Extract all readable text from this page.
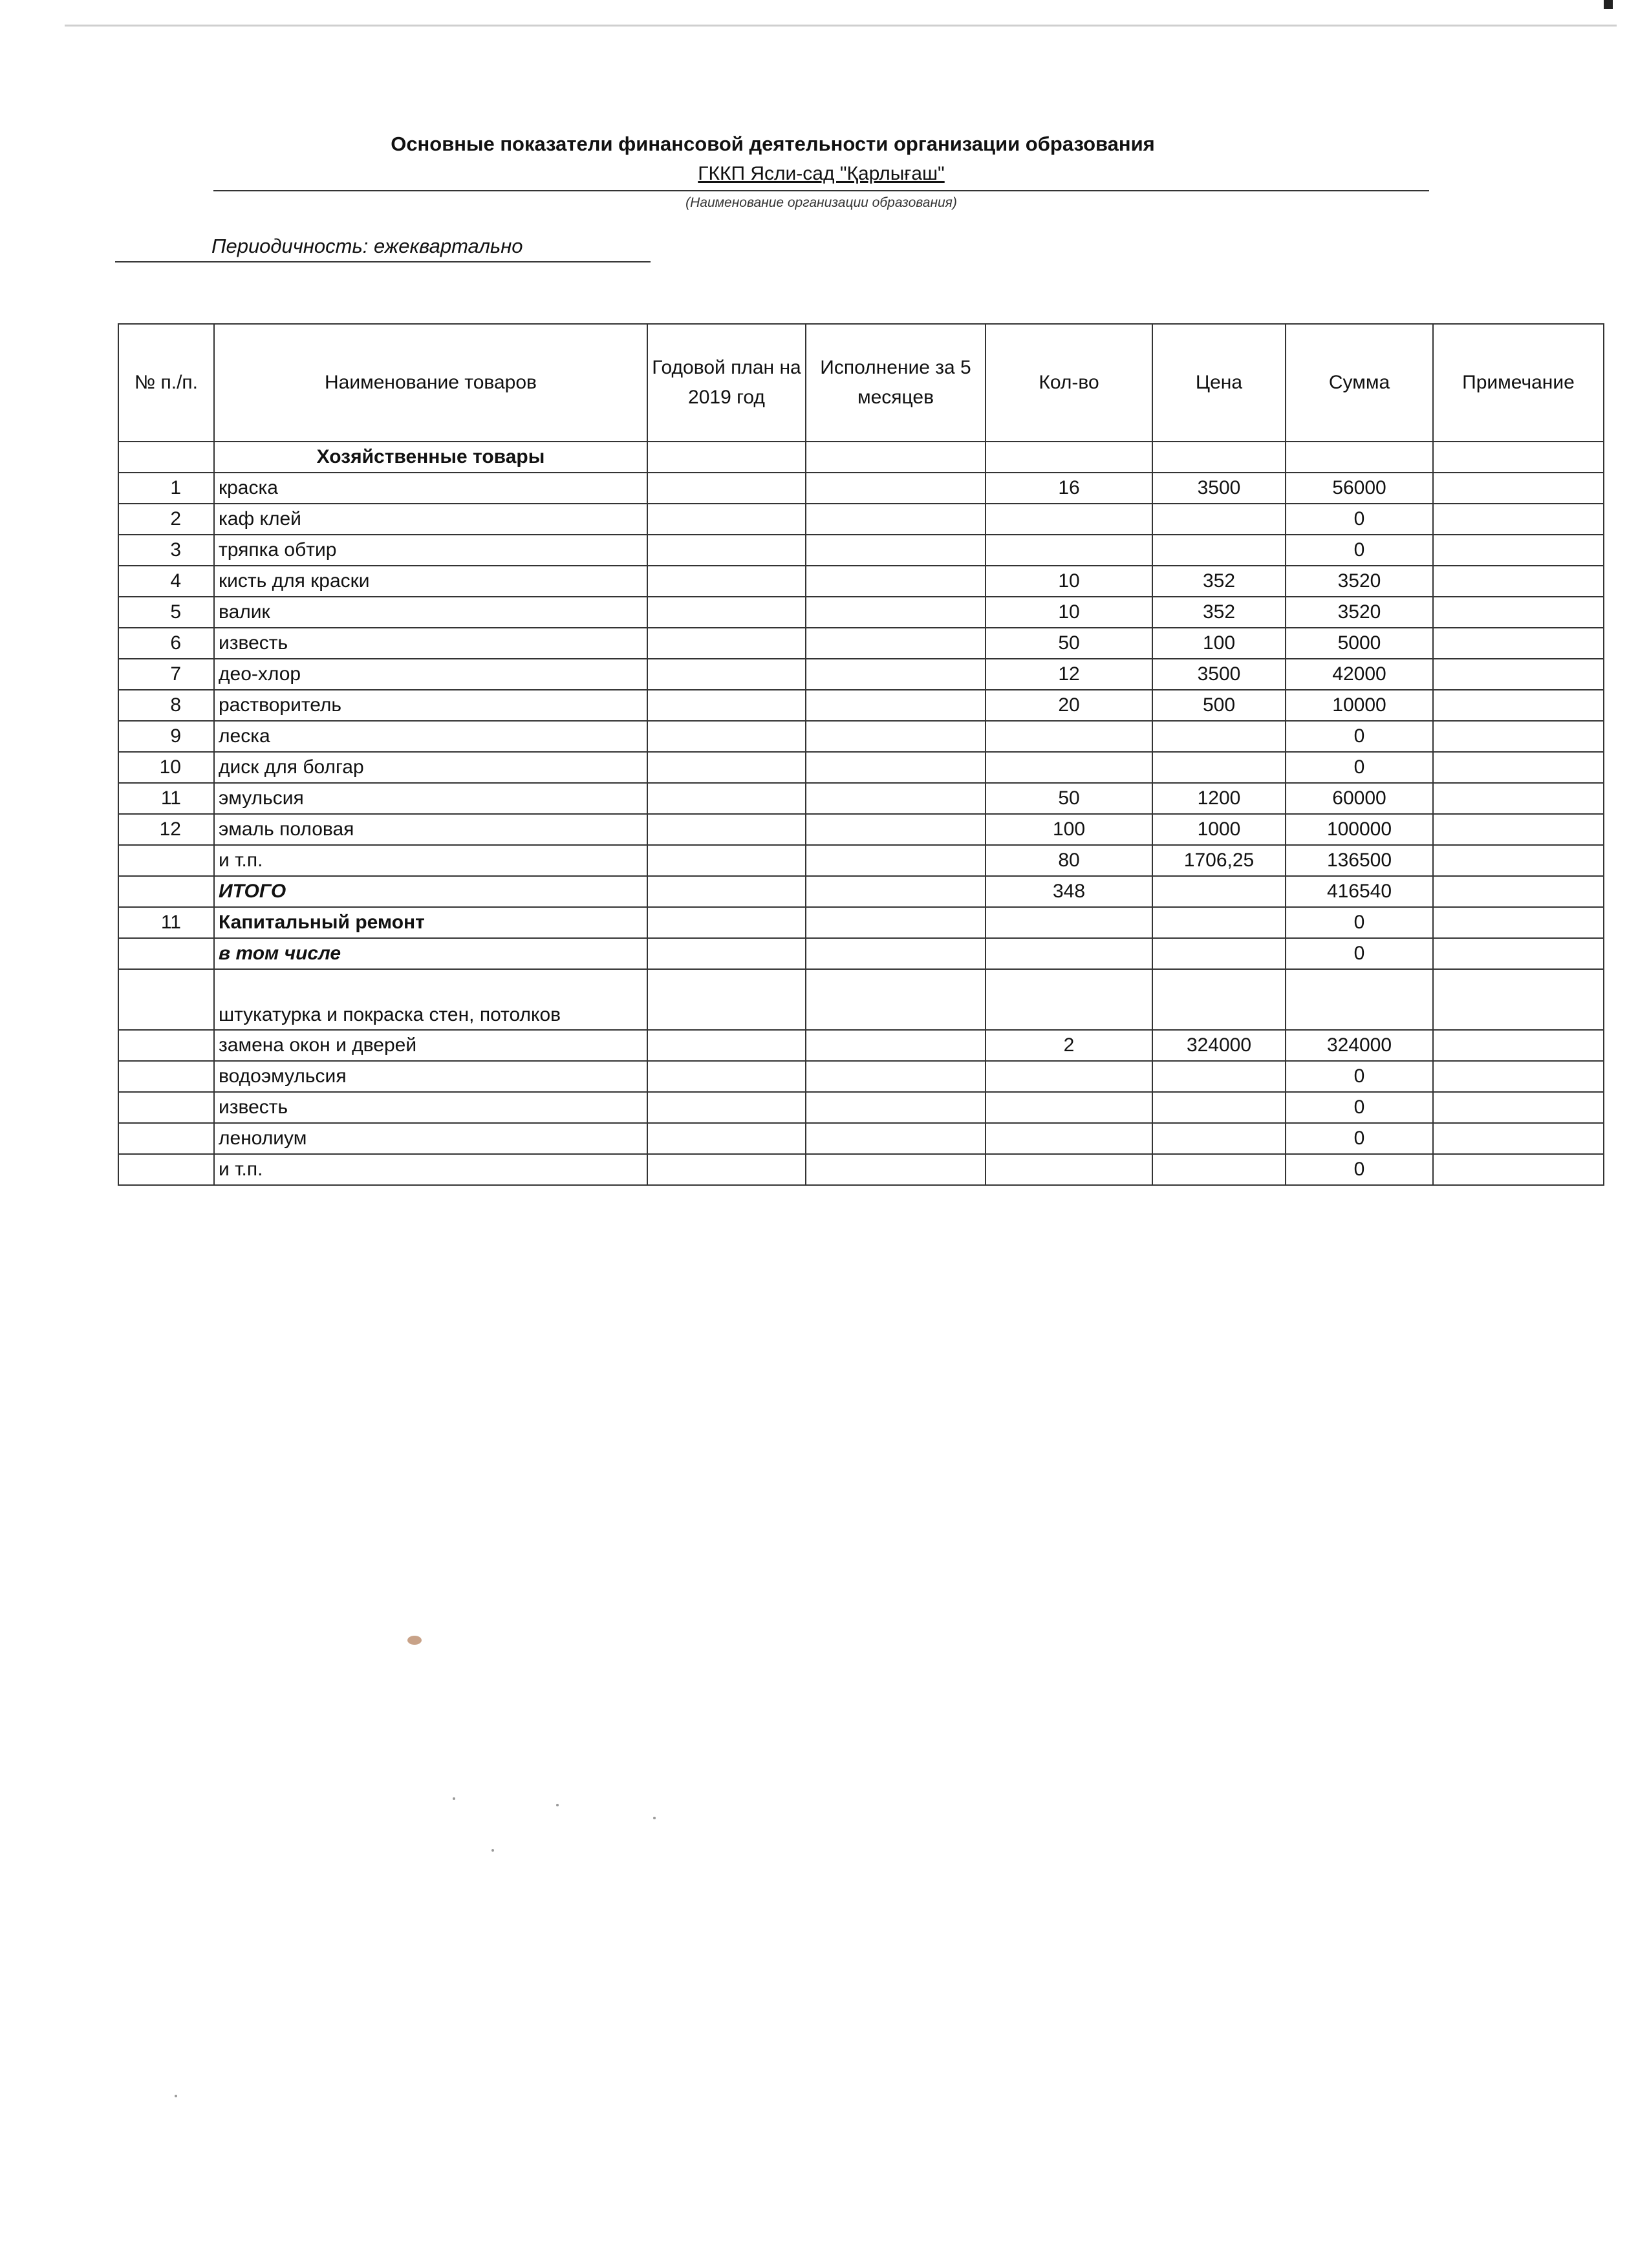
Основные показатели финансовой деятельности организации образования
ГККП Ясли-сад "Қарлығаш"
(Наименование организации образования)
Периодичность: ежеквартально
№ п./п.	Наименование товаров	Годовой план на 2019 год	Исполнение за 5 месяцев	Кол-во	Цена	Сумма	Примечание
	Хозяйственные товары						
1	краска			16	3500	56000	
2	каф клей					0	
3	тряпка обтир					0	
4	кисть для краски			10	352	3520	
5	валик			10	352	3520	
6	известь			50	100	5000	
7	део-хлор			12	3500	42000	
8	растворитель			20	500	10000	
9	леска					0	
10	диск для болгар					0	
11	эмульсия			50	1200	60000	
12	эмаль половая			100	1000	100000	
	и т.п.			80	1706,25	136500	
	ИТОГО			348		416540	
11	Капитальный ремонт					0	
	в том числе					0	
	штукатурка и покраска стен, потолков						
	замена окон и дверей			2	324000	324000	
	водоэмульсия					0	
	известь					0	
	ленолиум					0	
	и т.п.					0	
